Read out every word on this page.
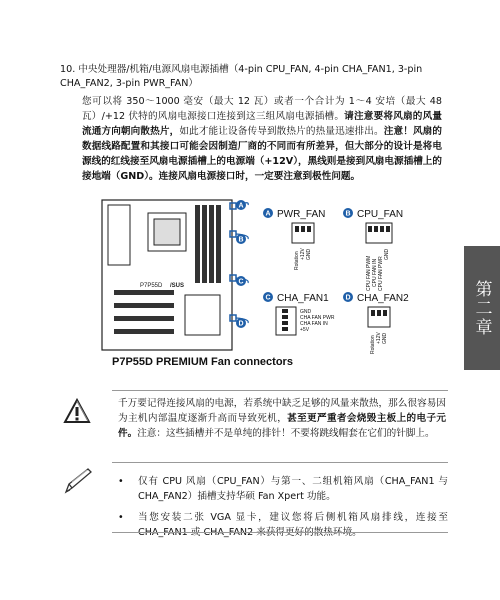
10. 中央处理器/机箱/电源风扇电源插槽（4-pin CPU_FAN, 4-pin CHA_FAN1, 3-pin CHA_FAN2, 3-pin PWR_FAN）
您可以将 350～1000 毫安（最大 12 瓦）或者一个合计为 1～4 安培（最大 48 瓦）/+12 伏特的风扇电源接口连接到这三组风扇电源插槽。请注意要将风扇的风量流通方向朝向散热片，如此才能让设备传导到散热片的热量迅速排出。注意！风扇的数据线路配置和其接口可能会因制造厂商的不同而有所差异，但大部分的设计是将电源线的红线接至风扇电源插槽上的电源端（+12V），黑线则是接到风扇电源插槽上的接地端（GND）。连接风扇电源接口时，一定要注意到极性问题。
P7P55D /SUS
A
B
C
D
A PWR_FAN
Rotation +12V GND
B CPU_FAN
CPU FAN PWM CPU FAN IN CPU FAN PWR
GND
C CHA_FAN1
GND
CHA FAN PWR
CHA FAN IN
+5V
D CHA_FAN2
Rotation +12V GND
P7P55D PREMIUM Fan connectors
第二章
千万要记得连接风扇的电源，若系统中缺乏足够的风量来散热，那么很容易因为主机内部温度逐渐升高而导致死机，甚至更严重者会烧毁主板上的电子元件。注意：这些插槽并不是单纯的排针！不要将跳线帽套在它们的针脚上。
• 仅有 CPU 风扇（CPU_FAN）与第一、二组机箱风扇（CHA_FAN1 与 CHA_FAN2）插槽支持华硕 Fan Xpert 功能。
• 当您安装二张 VGA 显卡，建议您将后侧机箱风扇排线，连接至
